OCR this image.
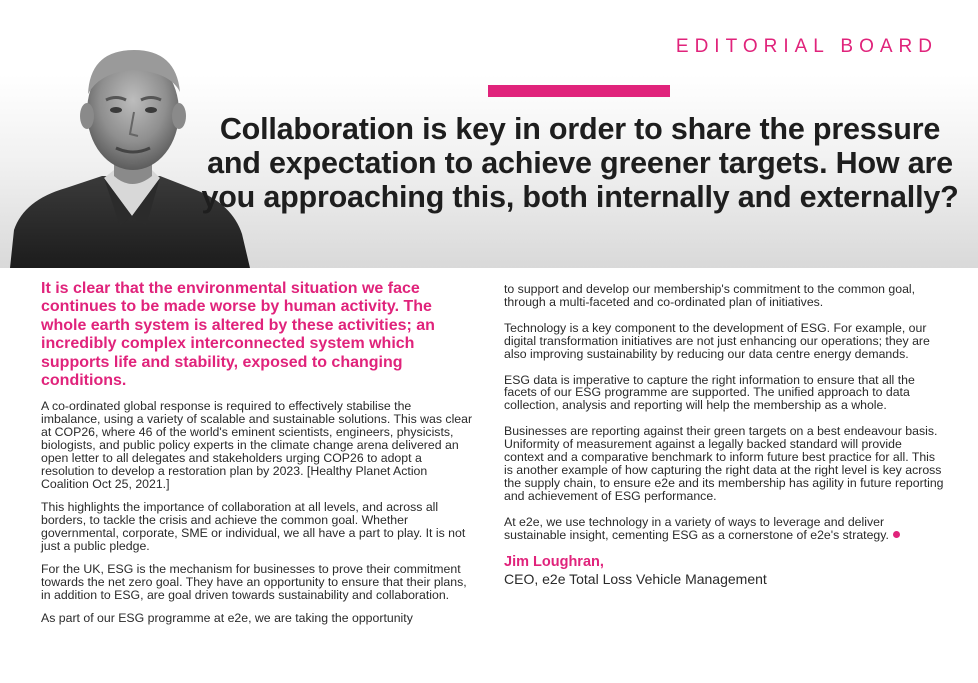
EDITORIAL BOARD
Collaboration is key in order to share the pressure and expectation to achieve greener targets. How are you approaching this, both internally and externally?
It is clear that the environmental situation we face continues to be made worse by human activity. The whole earth system is altered by these activities; an incredibly complex interconnected system which supports life and stability, exposed to changing conditions.
A co-ordinated global response is required to effectively stabilise the imbalance, using a variety of scalable and sustainable solutions. This was clear at COP26, where 46 of the world's eminent scientists, engineers, physicists, biologists, and public policy experts in the climate change arena delivered an open letter to all delegates and stakeholders urging COP26 to adopt a resolution to develop a restoration plan by 2023. [Healthy Planet Action Coalition Oct 25, 2021.]
This highlights the importance of collaboration at all levels, and across all borders, to tackle the crisis and achieve the common goal. Whether governmental, corporate, SME or individual, we all have a part to play. It is not just a public pledge.
For the UK, ESG is the mechanism for businesses to prove their commitment towards the net zero goal. They have an opportunity to ensure that their plans, in addition to ESG, are goal driven towards sustainability and collaboration.
As part of our ESG programme at e2e, we are taking the opportunity
to support and develop our membership's commitment to the common goal, through a multi-faceted and co-ordinated plan of initiatives.
Technology is a key component to the development of ESG. For example, our digital transformation initiatives are not just enhancing our operations; they are also improving sustainability by reducing our data centre energy demands.
ESG data is imperative to capture the right information to ensure that all the facets of our ESG programme are supported. The unified approach to data collection, analysis and reporting will help the membership as a whole.
Businesses are reporting against their green targets on a best endeavour basis. Uniformity of measurement against a legally backed standard will provide context and a comparative benchmark to inform future best practice for all. This is another example of how capturing the right data at the right level is key across the supply chain, to ensure e2e and its membership has agility in future reporting and achievement of ESG performance.
At e2e, we use technology in a variety of ways to leverage and deliver sustainable insight, cementing ESG as a cornerstone of e2e's strategy.
Jim Loughran,
CEO, e2e Total Loss Vehicle Management
